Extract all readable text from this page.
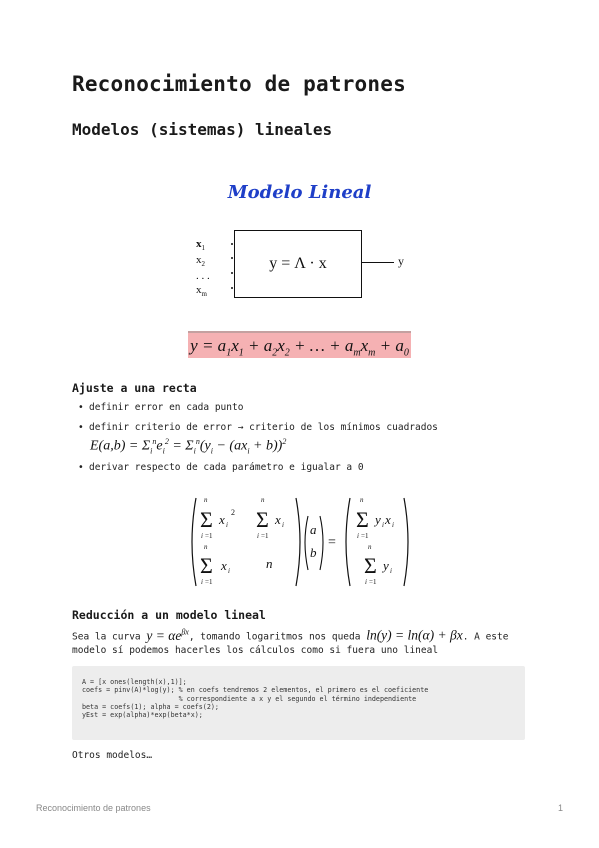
Reconocimiento de patrones
Modelos (sistemas) lineales
Modelo Lineal
$x_1$
$x_2$
. . .
$x_m$
y = Λ · x	y
$y = a_1x_1 + a_2x_2$ + … + $a_mx_m + a_0$
Ajuste a una recta
• definir error en cada punto
• definir criterio de error → criterio de los mínimos cuadrados
$E(a,b) = \Sigma_i^ne_i^2 = \Sigma_i^n(y_i - (ax_i + b))^2$
• derivar respecto de cada parámetro e igualar a 0
n
Σ x i
2
i =1
n
Σ x i
i =1
n
Σ x i
i =1
n
a
b
=
n
Σ y i x i
i =1
n
Σ y i
i =1
Reducción a un modelo lineal
Sea la curva $y = \alpha e^{\beta x}$, tomando logaritmos nos queda ln(y) = ln(α) + βx. A este
modelo sí podemos hacerles los cálculos como si fuera uno lineal
A = [x ones(length(x),1)];
coefs = pinv(A)*log(y); % en coefs tendremos 2 elementos, el primero es el coeficiente
% correspondiente a x y el segundo el término independiente
beta = coefs(1); alpha = coefs(2);
yEst = exp(alpha)*exp(beta*x);
Otros modelos…
Reconocimiento de patrones	1
